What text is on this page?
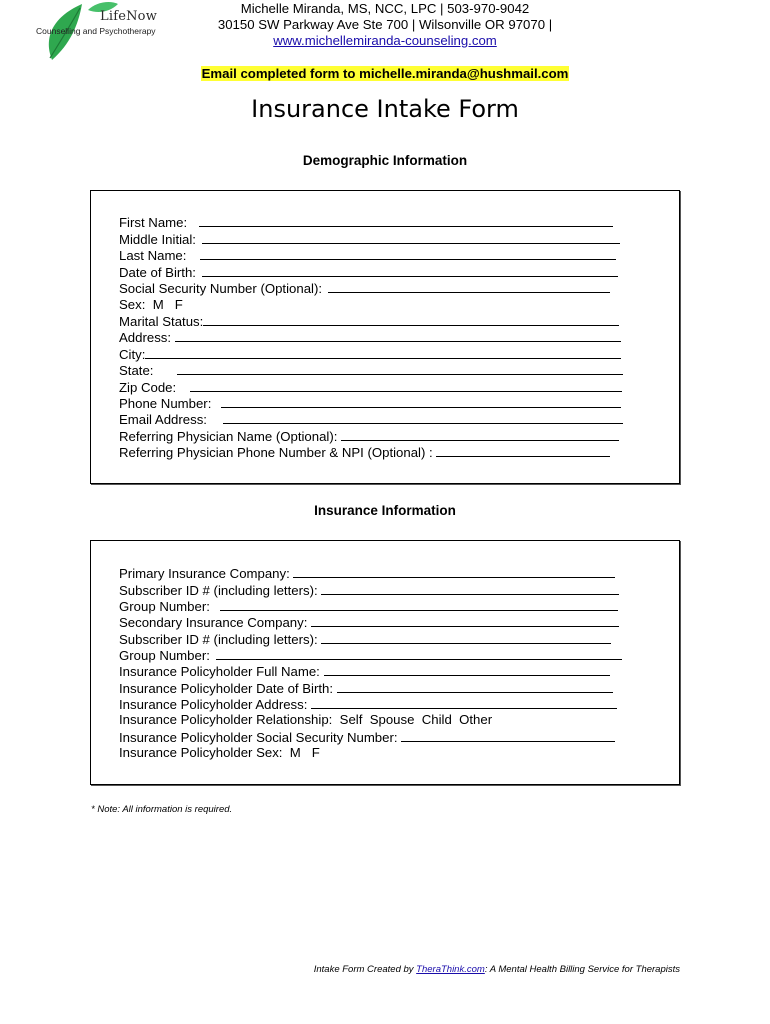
LifeNow
Counselling and Psychotherapy
Michelle Miranda, MS, NCC, LPC | 503-970-9042
30150 SW Parkway Ave Ste 700 | Wilsonville OR 97070 |
www.michellemiranda-counseling.com
Email completed form to michelle.miranda@hushmail.com
Insurance Intake Form
Demographic Information
First Name:
Middle Initial:
Last Name:
Date of Birth:
Social Security Number (Optional):
Sex:  M   F
Marital Status:
Address:
City:
State:
Zip Code:
Phone Number:
Email Address:
Referring Physician Name (Optional):
Referring Physician Phone Number & NPI (Optional) :
Insurance Information
Primary Insurance Company:
Subscriber ID # (including letters):
Group Number:
Secondary Insurance Company:
Subscriber ID # (including letters):
Group Number:
Insurance Policyholder Full Name:
Insurance Policyholder Date of Birth:
Insurance Policyholder Address:
Insurance Policyholder Relationship:  Self  Spouse  Child  Other
Insurance Policyholder Social Security Number:
Insurance Policyholder Sex:  M   F
* Note: All information is required.
Intake Form Created by TheraThink.com: A Mental Health Billing Service for Therapists
